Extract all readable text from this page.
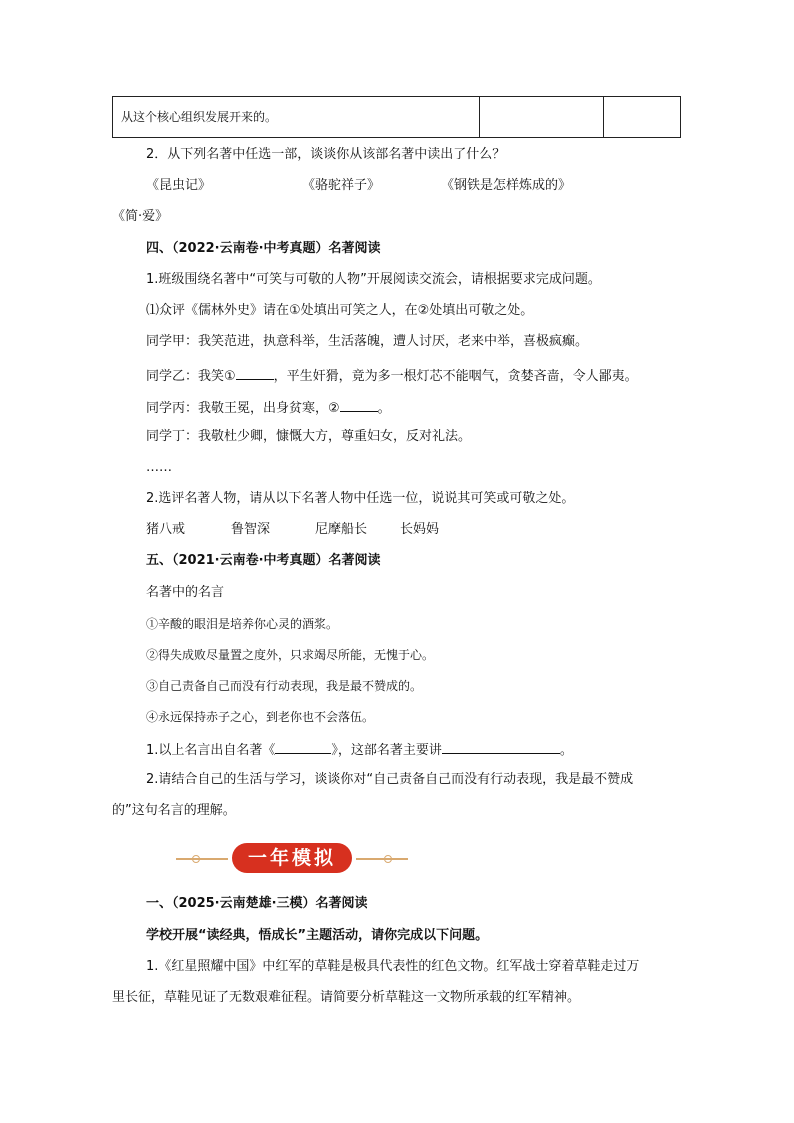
从这个核心组织发展开来的。
2．从下列名著中任选一部，谈谈你从该部名著中读出了什么？
《昆虫记》	《骆驼祥子》	《钢铁是怎样炼成的》
《简·爱》
四、（2022·云南卷·中考真题）名著阅读
1.班级围绕名著中“可笑与可敬的人物”开展阅读交流会，请根据要求完成问题。
⑴众评《儒林外史》请在①处填出可笑之人，在②处填出可敬之处。
同学甲：我笑范进，执意科举，生活落魄，遭人讨厌，老来中举，喜极疯癫。
同学乙：我笑①	，平生奸猾，竟为多一根灯芯不能咽气，贪婪吝啬，令人鄙夷。
同学丙：我敬王冕，出身贫寒，②	。
同学丁：我敬杜少卿，慷慨大方，尊重妇女，反对礼法。
……
2.选评名著人物，请从以下名著人物中任选一位，说说其可笑或可敬之处。
猪八戒	鲁智深	尼摩船长	长妈妈
五、（2021·云南卷·中考真题）名著阅读
名著中的名言
①辛酸的眼泪是培养你心灵的酒浆。
②得失成败尽量置之度外，只求竭尽所能，无愧于心。
③自己责备自己而没有行动表现，我是最不赞成的。
④永远保持赤子之心，到老你也不会落伍。
1.以上名言出自名著《	》，这部名著主要讲	。
2.请结合自己的生活与学习，谈谈你对“自己责备自己而没有行动表现，我是最不赞成
的”这句名言的理解。
一年模拟
一、（2025·云南楚雄·三模）名著阅读
学校开展“读经典，悟成长”主题活动，请你完成以下问题。
1.《红星照耀中国》中红军的草鞋是极具代表性的红色文物。红军战士穿着草鞋走过万
里长征，草鞋见证了无数艰难征程。请简要分析草鞋这一文物所承载的红军精神。
